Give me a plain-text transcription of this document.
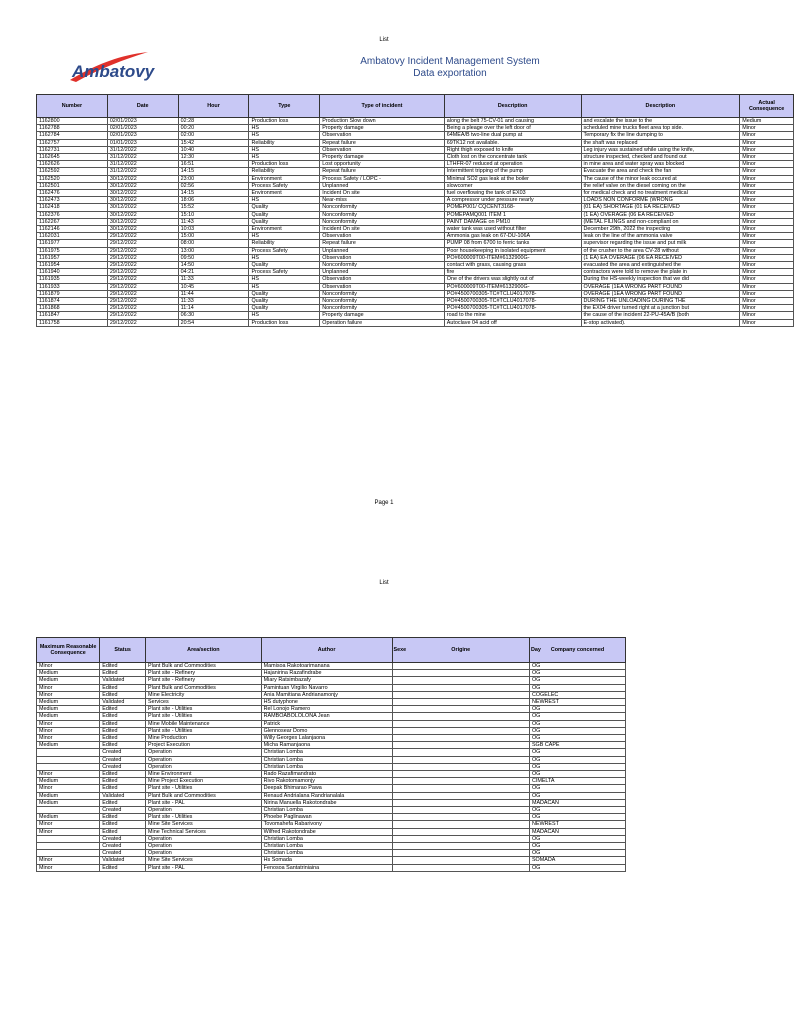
List
Ambatovy
Ambatovy Incident Management System
Data exportation
Number	Date	Hour	Type	Type of incident	Description	Description	Actual Consequence
1162800	02/01/2023	02:28	Production loss	Production Slow down	along the belt 75-CV-01 and causing	and escalate the issue to the	Medium
1162788	02/01/2023	00:20	HS	Property damage	Being a pleage over the left door of	scheduled mine trucks fleet area top side.	Minor
1162784	02/01/2023	02:00	HS	Observation	64MEA/B two-line dual pump at	Temporary fix the line dumping to	Minor
1162757	01/01/2023	15:42	Reliability	Repeat failure	69TK12 not available.	the shaft was replaced	Minor
1162731	31/12/2022	10:40	HS	Observation	Right thigh exposed to knife	Leg injury was sustained while using the knife,	Minor
1162645	31/12/2022	12:30	HS	Property damage	Cloth lost on the concentrate tank	structure inspected, checked and found out	Minor
1162626	31/12/2022	16:51	Production loss	Lost opportunity	LTHFR-07 reduced at operation	in mine area and water spray was blocked	Minor
1162592	31/12/2022	14:15	Reliability	Repeat failure	Intermittent tripping of the pump	Evacuate the area and check the fan	Minor
1162520	30/12/2022	23:00	Environment	Process Safety / LOPC -	Minimal SO2 gas leak at the boiler	The cause of the minor leak occured at	Minor
1162501	30/12/2022	02:56	Process Safety	Unplanned	slowcomer	the relief valve on the diesel coming on the	Minor
1162476	30/12/2022	14:15	Environment	Incident On site	fuel overflowing the tank of EX03	for medical check and no treatment medical	Minor
1162473	30/12/2022	18:06	HS	Near-miss	A compressor under pressure nearly	LOADS NON CONFORME (WRONG	Minor
1162418	30/12/2022	15:52	Quality	Nonconformity	POMEP001/ CQCENT3168-	(01 EA) SHORTAGE (01 EA RECEIVED	Minor
1162376	30/12/2022	15:10	Quality	Nonconformity	POMEPAMQ001 ITEM 1	(1 EA) OVERAGE (06 EA RECEIVED	Minor
1162267	30/12/2022	11:43	Quality	Nonconformity	PAINT DAMAGE on PM10	(METAL FILINGS and non-compliant on	Minor
1162146	30/12/2022	10:03	Environment	Incident On site	water tank was used without filter	December 29th, 2022 the inspecting	Minor
1162031	29/12/2022	15:00	HS	Observation	Ammonia gas leak on 67-DU-106A	leak on the line of the ammonia valve	Minor
1161977	29/12/2022	08:00	Reliability	Repeat failure	PUMP 08 from 6700 to ferric tanks	supervisor regarding the issue and put milk	Minor
1161975	29/12/2022	13:00	Process Safety	Unplanned	Poor housekeeping in isolated equipment	of the crusher to the area CV-28 without	Minor
1161957	29/12/2022	09:50	HS	Observation	PO#600009T00-ITEM#6132900G-	(1 EA) EA OVERAGE (06 EA RECEIVED	Minor
1161954	29/12/2022	14:50	Quality	Nonconformity	contact with grass, causing grass	evacuated the area and extinguished the	Minor
1161940	29/12/2022	04:21	Process Safety	Unplanned	fire	contractors were told to remove the plate in	Minor
1161935	29/12/2022	11:33	HS	Observation	One of the drivers was slightly out of	During the HS-weekly inspection that we did	Minor
1161933	29/12/2022	10:45	HS	Observation	PO#600009T00-ITEM#6132900G-	OVERAGE (1EA WRONG PART FOUND	Minor
1161879	29/12/2022	11:44	Quality	Nonconformity	PO#4500700305-TC#TCLU4017078-	OVERAGE (1EA WRONG PART FOUND	Minor
1161874	29/12/2022	11:33	Quality	Nonconformity	PO#4500700305-TC#TCLU4017078-	DURING THE UNLOADING DURING THE	Minor
1161868	29/12/2022	11:14	Quality	Nonconformity	PO#4500700305-TC#TCLU4017078-	the EX04 driver turned right at a junction but	Minor
1161847	29/12/2022	06:30	HS	Property damage	road to the mine	the cause of the incident 22-PU-45A/B (both	Minor
1161758	29/12/2022	20:54	Production loss	Operation failure	Autoclave 04 acid off	E-stop activated).	Minor
Page 1
List
Maximum Reasonable Consequence	Status	Area/section	Author		Origine		Company concerned
Minor	Edited	Plant Bulk and Commodities	Mamisoa Rakotoarimanana				OG
Medium	Edited	Plant site - Refinery	Hajanirina Razafindrabe				OG
Medium	Validated	Plant site - Refinery	Miary Ratsimbazafy				OG
Minor	Edited	Plant Bulk and Commodities	Pamintuan Virgilio Navarro				OG
Minor	Edited	Mine Electricity	Ania Mamitiana Andrianamonjy				COGELEC
Medium	Validated	Services	HS dutyphone				NEWREST
Medium	Edited	Plant site - Utilities	Rel Lonojo Ramero				OG
Medium	Edited	Plant site - Utilities	RAMBOABOLOLONA Jean				OG
Minor	Edited	Mine Mobile Maintenance	Patrick				OG
Minor	Edited	Plant site - Utilities	Glennosear Domo				OG
Minor	Edited	Mine Production	Willy Georges Lalanjaona				OG
Medium	Edited	Project Execution	Micha Ramanjaona				SGB CAPE
	Created	Operation	Christian Lomba				OG
	Created	Operation	Christian Lomba				OG
	Created	Operation	Christian Lomba				OG
Minor	Edited	Mine Environment	Rado Razafimandrato				OG
Medium	Edited	Mine Project Execution	Rivo Rakotomamonjy				CIMELTA
Minor	Edited	Plant site - Utilities	Deepak Bhimarao Pawa				OG
Medium	Validated	Plant Bulk and Commodities	Renaud Andrialana Randrianalala				OG
Medium	Edited	Plant site - PAL	Nirina Manuella Rakotondrabe				MADACAN
	Created	Operation	Christian Lomba				OG
Medium	Edited	Plant site - Utilities	Phoebe Paglinawan				OG
Minor	Edited	Mine Site Services	Tovomahefa Rabarivony				NEWREST
Minor	Edited	Mine Technical Services	Wilfred Rakotondrabe				MADACAN
	Created	Operation	Christian Lomba				OG
	Created	Operation	Christian Lomba				OG
	Created	Operation	Christian Lomba				OG
Minor	Validated	Mine Site Services	Hs Somada				SOMADA
Minor	Edited	Plant site - PAL	Fenosoa Santatriniaina				OG
